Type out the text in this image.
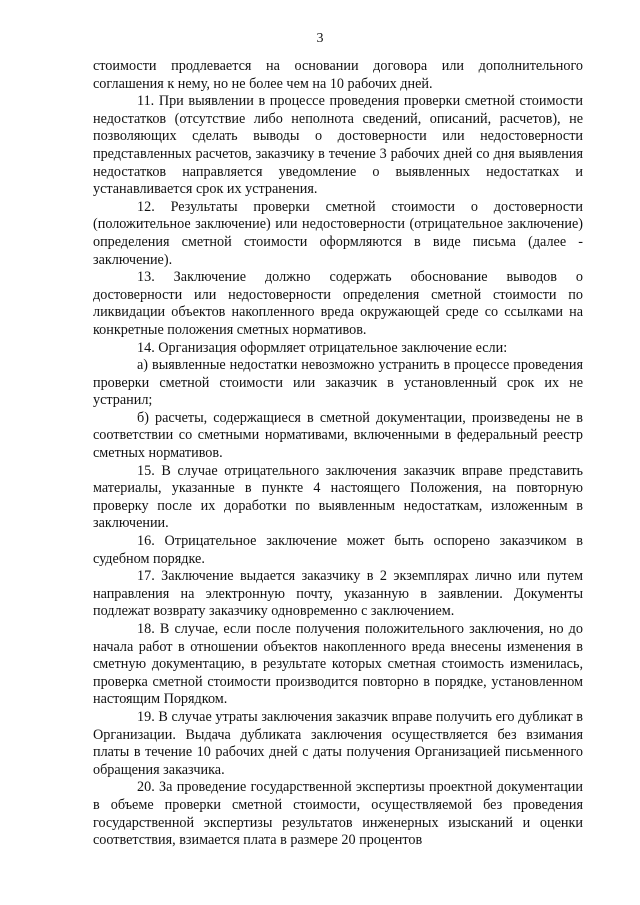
3

стоимости продлевается на основании договора или дополнительного соглашения к нему, но не более чем на 10 рабочих дней.

11. При выявлении в процессе проведения проверки сметной стоимости недостатков (отсутствие либо неполнота сведений, описаний, расчетов), не позволяющих сделать выводы о достоверности или недостоверности представленных расчетов, заказчику в течение 3 рабочих дней со дня выявления недостатков направляется уведомление о выявленных недостатках и устанавливается срок их устранения.

12. Результаты проверки сметной стоимости о достоверности (положительное заключение) или недостоверности (отрицательное заключение) определения сметной стоимости оформляются в виде письма (далее - заключение).

13. Заключение должно содержать обоснование выводов о достоверности или недостоверности определения сметной стоимости по ликвидации объектов накопленного вреда окружающей среде со ссылками на конкретные положения сметных нормативов.

14. Организация оформляет отрицательное заключение если:

а) выявленные недостатки невозможно устранить в процессе проведения проверки сметной стоимости или заказчик в установленный срок их не устранил;

б) расчеты, содержащиеся в сметной документации, произведены не в соответствии со сметными нормативами, включенными в федеральный реестр сметных нормативов.

15. В случае отрицательного заключения заказчик вправе представить материалы, указанные в пункте 4 настоящего Положения, на повторную проверку после их доработки по выявленным недостаткам, изложенным в заключении.

16. Отрицательное заключение может быть оспорено заказчиком в судебном порядке.

17. Заключение выдается заказчику в 2 экземплярах лично или путем направления на электронную почту, указанную в заявлении. Документы подлежат возврату заказчику одновременно с заключением.

18. В случае, если после получения положительного заключения, но до начала работ в отношении объектов накопленного вреда внесены изменения в сметную документацию, в результате которых сметная стоимость изменилась, проверка сметной стоимости производится повторно в порядке, установленном настоящим Порядком.

19. В случае утраты заключения заказчик вправе получить его дубликат в Организации. Выдача дубликата заключения осуществляется без взимания платы в течение 10 рабочих дней с даты получения Организацией письменного обращения заказчика.

20. За проведение государственной экспертизы проектной документации в объеме проверки сметной стоимости, осуществляемой без проведения государственной экспертизы результатов инженерных изысканий и оценки соответствия, взимается плата в размере 20 процентов
